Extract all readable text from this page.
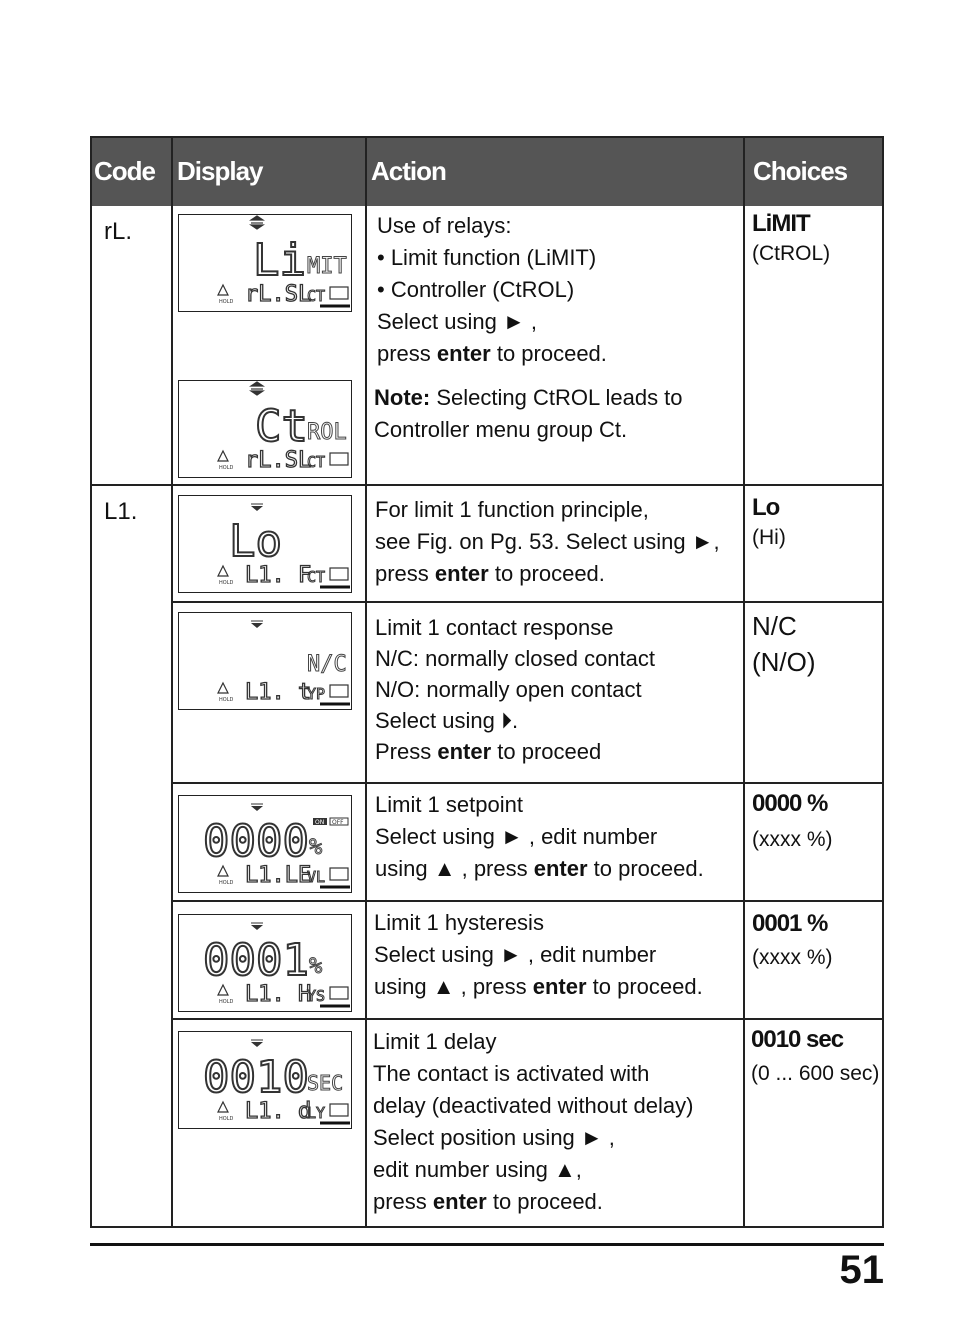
Code Display	Action	Choices
rL.
Li MIT
HOLD rL.SL
CT
Ct ROL
HOLD rL.SL
CT
Use of relays:
• Limit function (LiMIT)
• Controller (CtROL)
Select using ► ,
press enter to proceed.
Note: Selecting CtROL leads to
Controller menu group Ct.
LiMIT
(CtROL)
L1.
Lo
HOLD L1. F
CT
For limit 1 function principle,
see Fig. on Pg. 53. Select using ►,
press enter to proceed.
Lo
(Hi)
N/C
HOLD L1. t
YP
Limit 1 contact response
N/C: normally closed contact
N/O: normally open contact
Select using ⏵.
Press enter to proceed
N/C
(N/O)
ON OFF
0000 %
HOLD L1.LE
VL
Limit 1 setpoint
Select using ► , edit number
using ▲ , press enter to proceed.
0000 %
(xxxx %)
0001 %
HOLD L1. H
YS
Limit 1 hysteresis
Select using ► , edit number
using ▲ , press enter to proceed.
0001 %
(xxxx %)
0010
SEC
HOLD L1. d
LY
Limit 1 delay
The contact is activated with
delay (deactivated without delay)
Select position using ► ,
edit number using ▲,
press enter to proceed.
0010 sec
(0 ... 600 sec)
51
